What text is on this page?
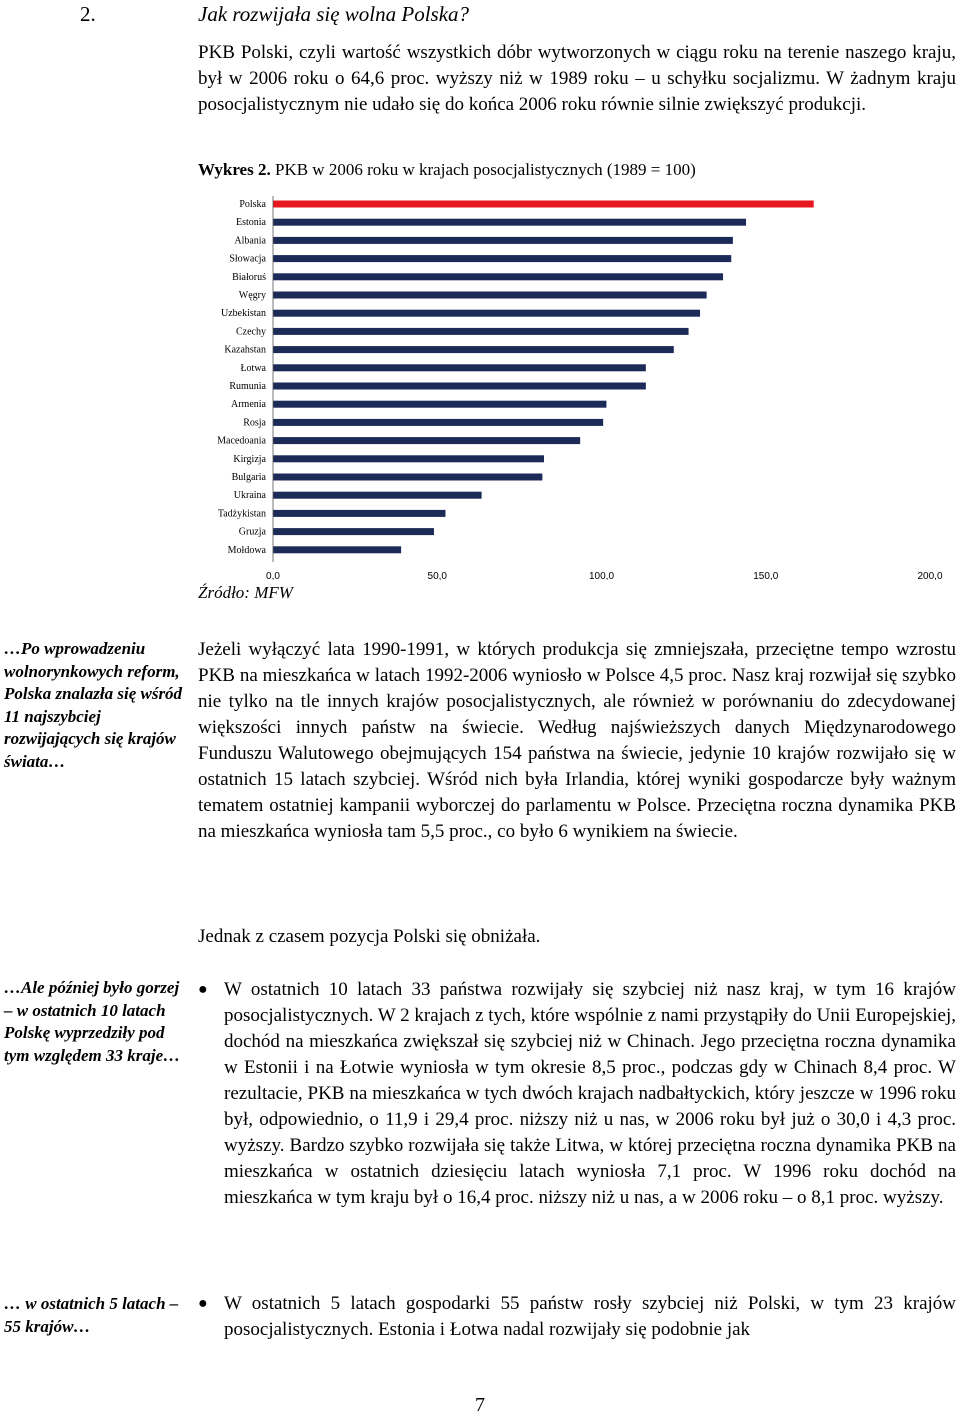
2.	Jak rozwijała się wolna Polska?

PKB Polski, czyli wartość wszystkich dóbr wytworzonych w ciągu roku na terenie naszego kraju, był w 2006 roku o 64,6 proc. wyższy niż w 1989 roku – u schyłku socjalizmu. W żadnym kraju posocjalistycznym nie udało się do końca 2006 roku równie silnie zwiększyć produkcji.

Wykres 2. PKB w 2006 roku w krajach posocjalistycznych (1989 = 100)
Polska
Estonia
Albania
Słowacja
Białoruś
Węgry
Uzbekistan
Czechy
Kazahstan
Łotwa
Rumunia
Armenia
Rosja
Macedoania
Kirgizja
Bulgaria
Ukraina
Tadżykistan
Gruzja
Mołdowa
0,0	50,0	100,0	150,0	200,0
Źródło: MFW

…Po wprowadzeniu wolnorynkowych reform, Polska znalazła się wśród 11 najszybciej rozwijających się krajów świata…

Jeżeli wyłączyć lata 1990-1991, w których produkcja się zmniejszała, przeciętne tempo wzrostu PKB na mieszkańca w latach 1992-2006 wyniosło w Polsce 4,5 proc. Nasz kraj rozwijał się szybko nie tylko na tle innych krajów posocjalistycznych, ale również w porównaniu do zdecydowanej większości innych państw na świecie. Według najświeższych danych Międzynarodowego Funduszu Walutowego obejmujących 154 państwa na świecie, jedynie 10 krajów rozwijało się w ostatnich 15 latach szybciej. Wśród nich była Irlandia, której wyniki gospodarcze były ważnym tematem ostatniej kampanii wyborczej do parlamentu w Polsce. Przeciętna roczna dynamika PKB na mieszkańca wyniosła tam 5,5 proc., co było 6 wynikiem na świecie.

Jednak z czasem pozycja Polski się obniżała.

…Ale później było gorzej – w ostatnich 10 latach Polskę wyprzedziły pod tym względem 33 kraje…

● W ostatnich 10 latach 33 państwa rozwijały się szybciej niż nasz kraj, w tym 16 krajów posocjalistycznych. W 2 krajach z tych, które wspólnie z nami przystąpiły do Unii Europejskiej, dochód na mieszkańca zwiększał się szybciej niż w Chinach. Jego przeciętna roczna dynamika w Estonii i na Łotwie wyniosła w tym okresie 8,5 proc., podczas gdy w Chinach 8,4 proc. W rezultacie, PKB na mieszkańca w tych dwóch krajach nadbałtyckich, który jeszcze w 1996 roku był, odpowiednio, o 11,9 i 29,4 proc. niższy niż u nas, w 2006 roku był już o 30,0 i 4,3 proc. wyższy. Bardzo szybko rozwijała się także Litwa, w której przeciętna roczna dynamika PKB na mieszkańca w ostatnich dziesięciu latach wyniosła 7,1 proc. W 1996 roku dochód na mieszkańca w tym kraju był o 16,4 proc. niższy niż u nas, a w 2006 roku – o 8,1 proc. wyższy.

… w ostatnich 5 latach – 55 krajów…

● W ostatnich 5 latach gospodarki 55 państw rosły szybciej niż Polski, w tym 23 krajów posocjalistycznych. Estonia i Łotwa nadal rozwijały się podobnie jak
7
